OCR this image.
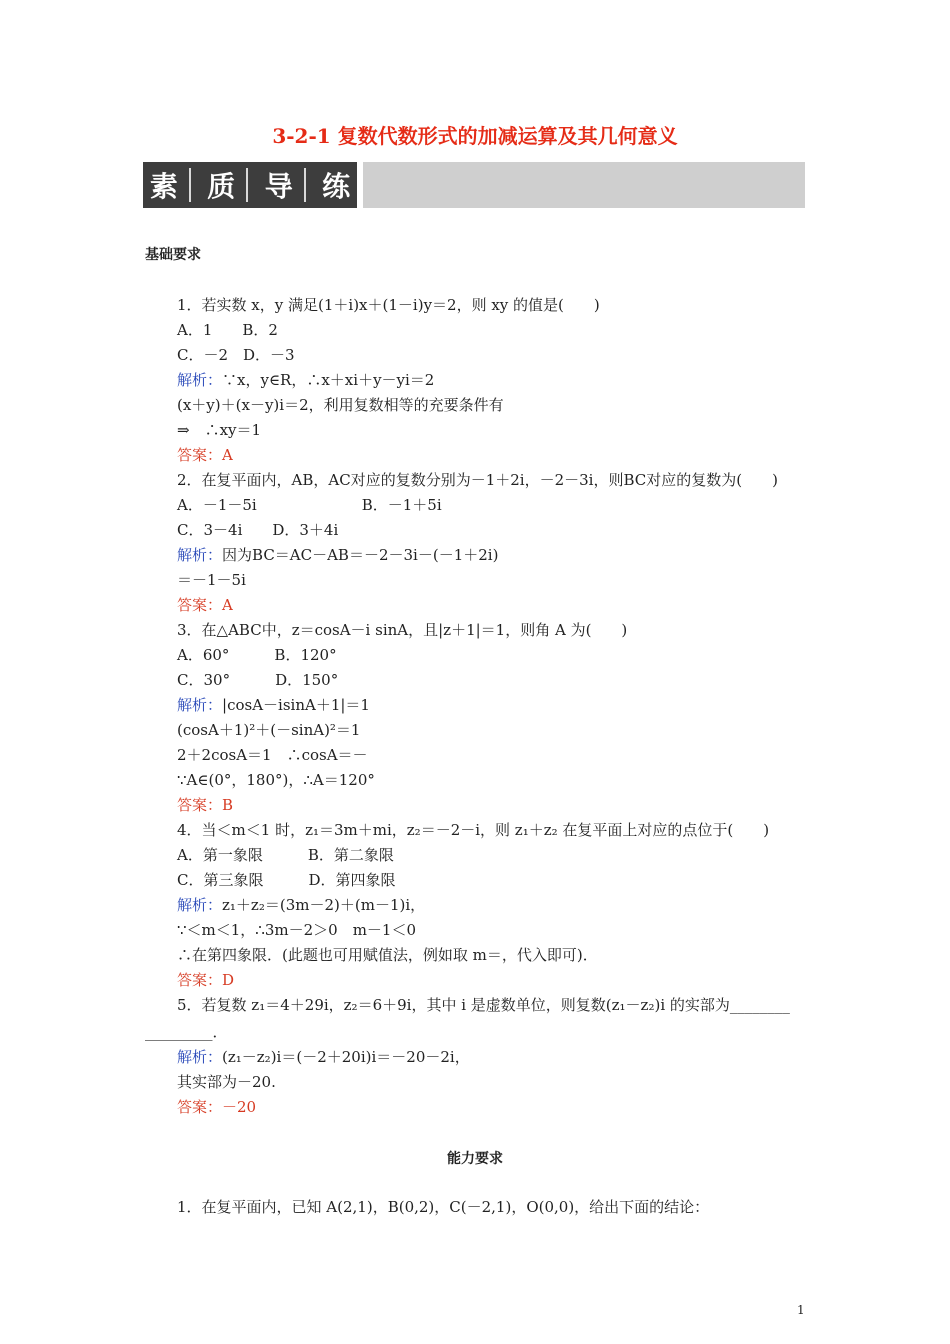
3-2-1 复数代数形式的加减运算及其几何意义
素 质 导 练
基础要求
1．若实数 x，y 满足(1＋i)x＋(1－i)y＝2，则 xy 的值是(　　)
A．1　　B．2
C．－2　D．－3
解析：∵x，y∈R，∴x＋xi＋y－yi＝2
(x＋y)＋(x－y)i＝2，利用复数相等的充要条件有
⇒　∴xy＝1
答案：A
2．在复平面内，AB，AC对应的复数分别为－1＋2i，－2－3i，则BC对应的复数为(　　)
A．－1－5i　　　　　　　B．－1＋5i
C．3－4i　　D．3＋4i
解析：因为BC＝AC－AB＝－2－3i－(－1＋2i)
＝－1－5i
答案：A
3．在△ABC中，z＝cosA－i sinA，且|z＋1|＝1，则角 A 为(　　)
A．60°　　　B．120°
C．30°　　　D．150°
解析：|cosA－isinA＋1|＝1
(cosA＋1)²＋(－sinA)²＝1
2＋2cosA＝1　∴cosA＝－
∵A∈(0°，180°)，∴A＝120°
答案：B
4．当＜m＜1 时，z₁＝3m＋mi，z₂＝－2－i，则 z₁＋z₂ 在复平面上对应的点位于(　　)
A．第一象限　　　B．第二象限
C．第三象限　　　D．第四象限
解析：z₁＋z₂＝(3m－2)＋(m－1)i，
∵＜m＜1，∴3m－2＞0　m－1＜0
∴在第四象限．(此题也可用赋值法，例如取 m＝，代入即可)．
答案：D
5．若复数 z₁＝4＋29i，z₂＝6＋9i，其中 i 是虚数单位，则复数(z₁－z₂)i 的实部为________
_________．
解析：(z₁－z₂)i＝(－2＋20i)i＝－20－2i，
其实部为－20.
答案：－20
1．在复平面内，已知 A(2,1)，B(0,2)，C(－2,1)，O(0,0)，给出下面的结论：
能力要求
1
